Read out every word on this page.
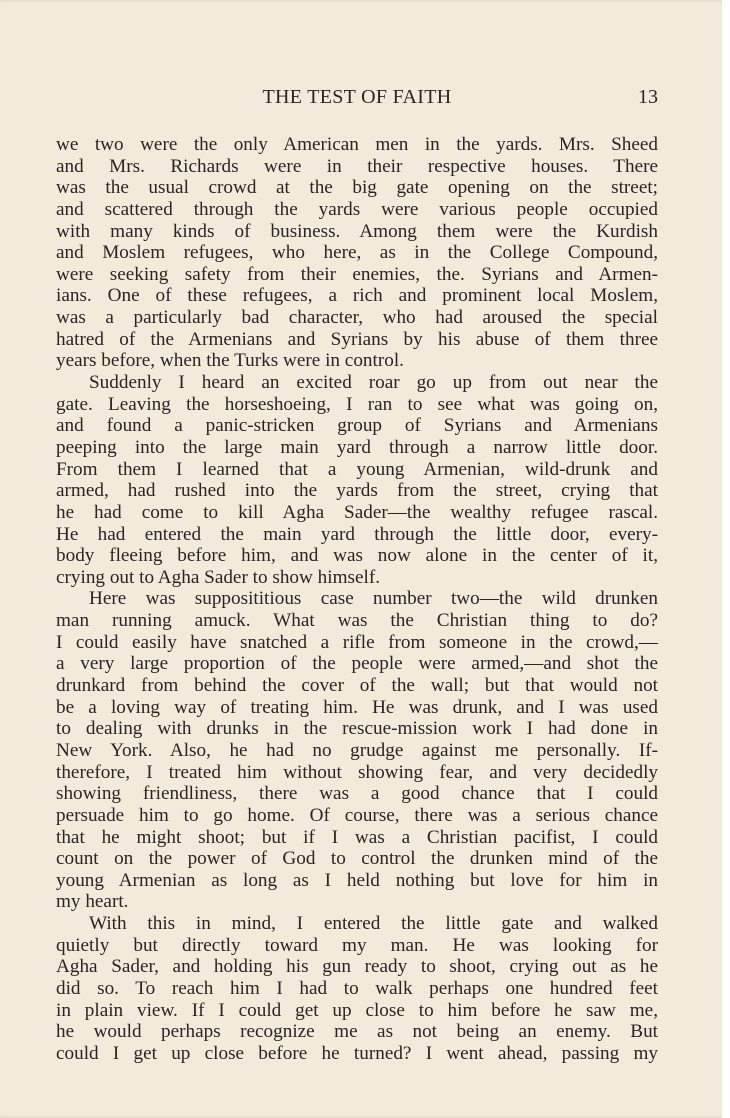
THE TEST OF FAITH	13
we two were the only American men in the yards. Mrs. Sheed
and Mrs. Richards were in their respective houses. There
was the usual crowd at the big gate opening on the street;
and scattered through the yards were various people occupied
with many kinds of business. Among them were the Kurdish
and Moslem refugees, who here, as in the College Compound,
were seeking safety from their enemies, the. Syrians and Armen-
ians. One of these refugees, a rich and prominent local Moslem,
was a particularly bad character, who had aroused the special
hatred of the Armenians and Syrians by his abuse of them three
years before, when the Turks were in control.
Suddenly I heard an excited roar go up from out near the
gate. Leaving the horseshoeing, I ran to see what was going on,
and found a panic-stricken group of Syrians and Armenians
peeping into the large main yard through a narrow little door.
From them I learned that a young Armenian, wild-drunk and
armed, had rushed into the yards from the street, crying that
he had come to kill Agha Sader—the wealthy refugee rascal.
He had entered the main yard through the little door, every-
body fleeing before him, and was now alone in the center of it,
crying out to Agha Sader to show himself.
Here was supposititious case number two—the wild drunken
man running amuck. What was the Christian thing to do?
I could easily have snatched a rifle from someone in the crowd,—
a very large proportion of the people were armed,—and shot the
drunkard from behind the cover of the wall; but that would not
be a loving way of treating him. He was drunk, and I was used
to dealing with drunks in the rescue-mission work I had done in
New York. Also, he had no grudge against me personally. If-
therefore, I treated him without showing fear, and very decidedly
showing friendliness, there was a good chance that I could
persuade him to go home. Of course, there was a serious chance
that he might shoot; but if I was a Christian pacifist, I could
count on the power of God to control the drunken mind of the
young Armenian as long as I held nothing but love for him in
my heart.
With this in mind, I entered the little gate and walked
quietly but directly toward my man. He was looking for
Agha Sader, and holding his gun ready to shoot, crying out as he
did so. To reach him I had to walk perhaps one hundred feet
in plain view. If I could get up close to him before he saw me,
he would perhaps recognize me as not being an enemy. But
could I get up close before he turned? I went ahead, passing my
